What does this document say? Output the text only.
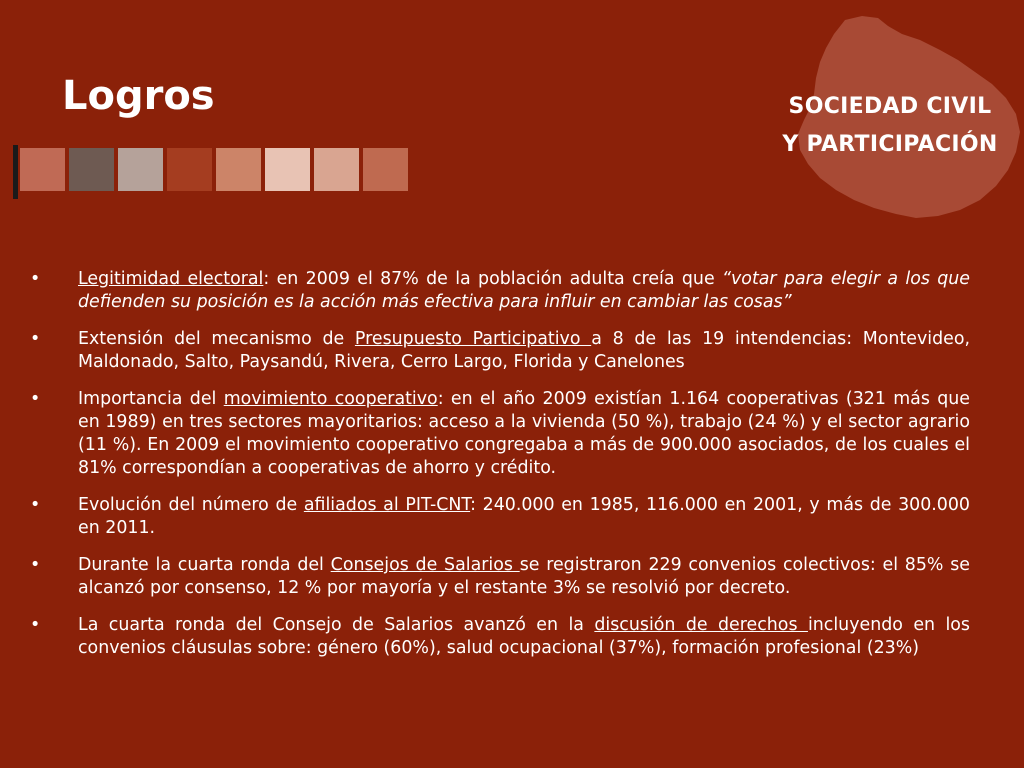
Logros	SOCIEDAD CIVIL
Y PARTICIPACIÓN
•	Legitimidad electoral: en 2009 el 87% de la población adulta creía que “votar para elegir a los que defienden su posición es la acción más efectiva para influir en cambiar las cosas”
•	Extensión del mecanismo de Presupuesto Participativo a 8 de las 19 intendencias: Montevideo, Maldonado, Salto, Paysandú, Rivera, Cerro Largo, Florida y Canelones
•	Importancia del movimiento cooperativo: en el año 2009 existían 1.164 cooperativas (321 más que en 1989) en tres sectores mayoritarios: acceso a la vivienda (50 %), trabajo (24 %) y el sector agrario (11 %). En 2009 el movimiento cooperativo congregaba a más de 900.000 asociados, de los cuales el 81% correspondían a cooperativas de ahorro y crédito.
•	Evolución del número de afiliados al PIT-CNT: 240.000 en 1985, 116.000 en 2001, y más de 300.000 en 2011.
•	Durante la cuarta ronda del Consejos de Salarios se registraron 229 convenios colectivos: el 85% se alcanzó por consenso, 12 % por mayoría y el restante 3% se resolvió por decreto.
•	La cuarta ronda del Consejo de Salarios avanzó en la discusión de derechos incluyendo en los convenios cláusulas sobre: género (60%), salud ocupacional (37%), formación profesional (23%)
